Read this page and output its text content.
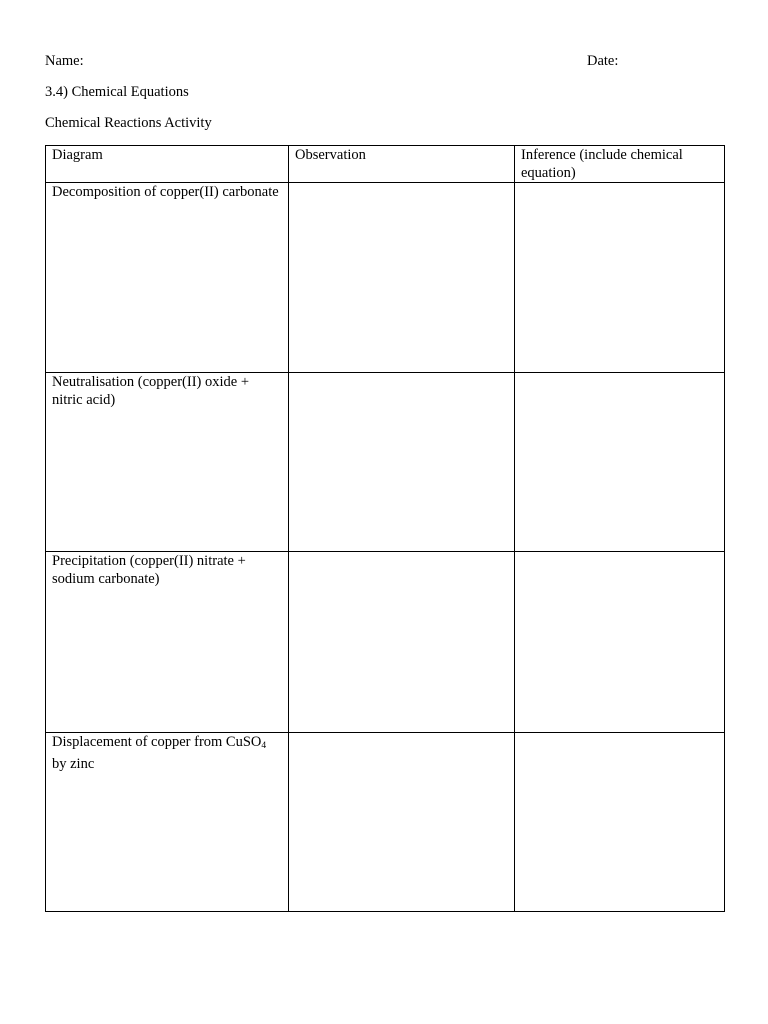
Name:	Date:
3.4) Chemical Equations
Chemical Reactions Activity
Diagram	Observation	Inference (include chemical equation)
Decomposition of copper(II) carbonate		
Neutralisation (copper(II) oxide + nitric acid)		
Precipitation (copper(II) nitrate + sodium carbonate)		
Displacement of copper from CuSO$_4$ by zinc		
